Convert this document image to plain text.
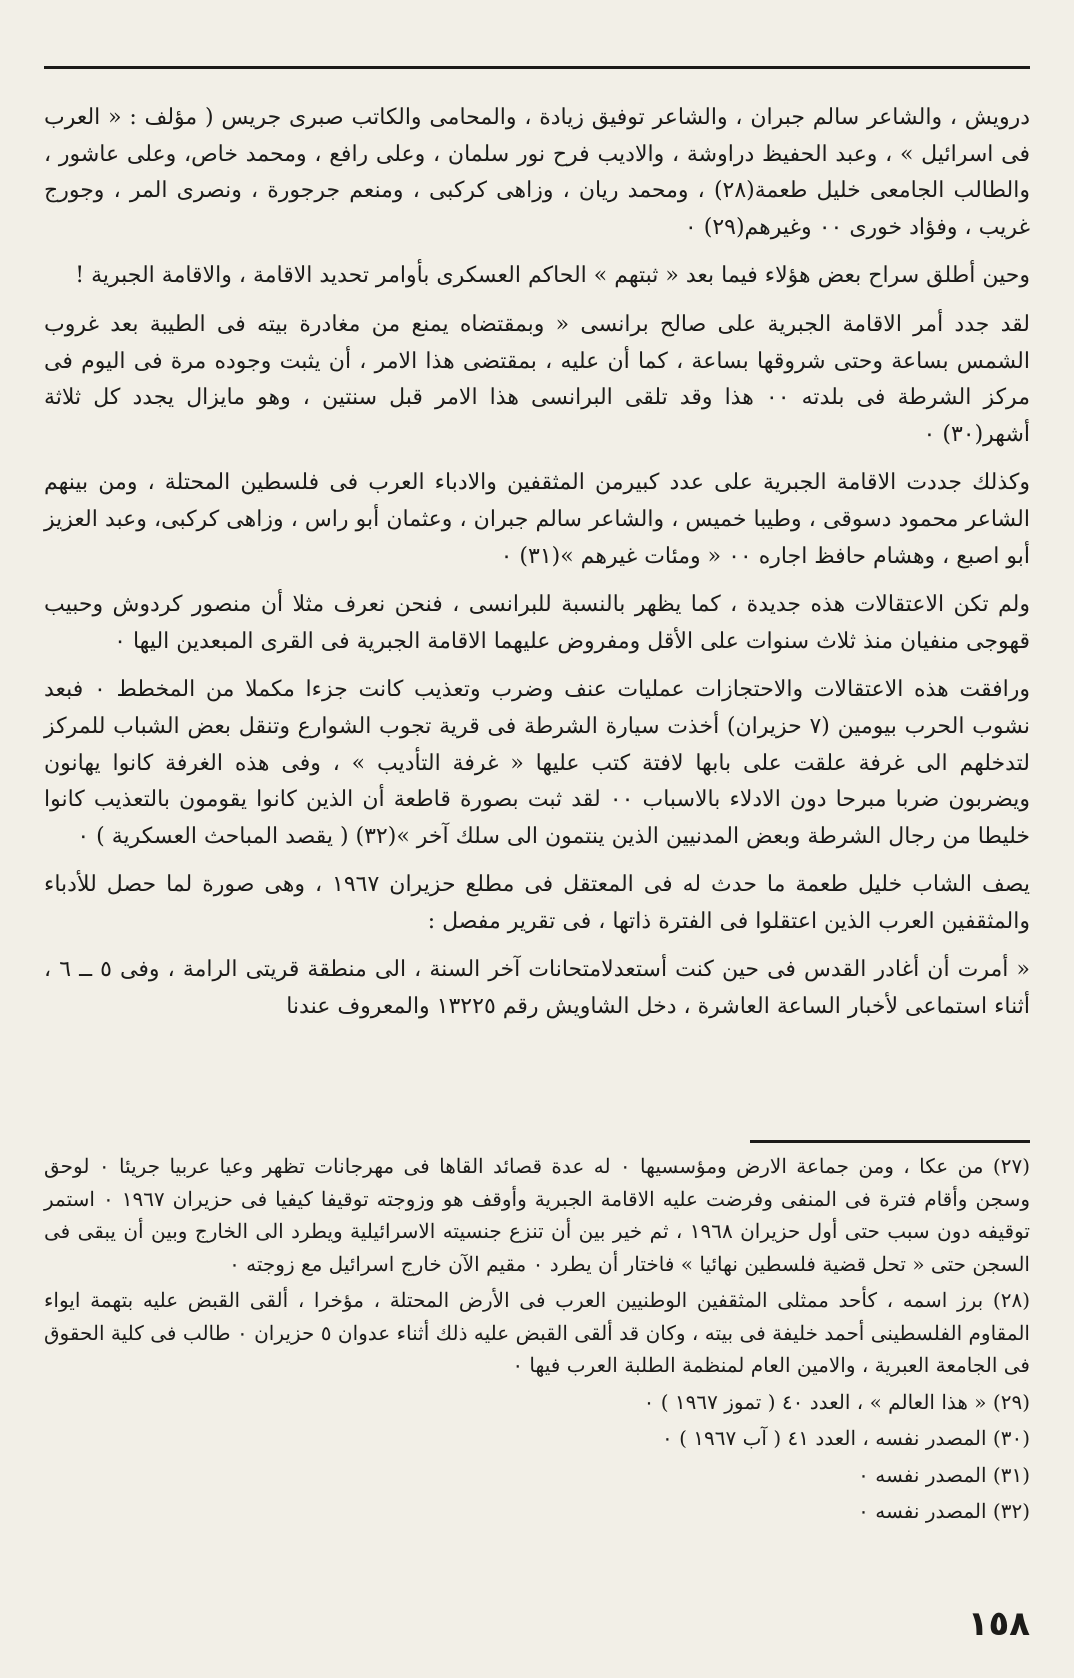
درويش ، والشاعر سالم جبران ، والشاعر توفيق زيادة ، والمحامى والكاتب صبرى جريس ( مؤلف : « العرب فى اسرائيل » ، وعبد الحفيظ دراوشة ، والاديب فرح نور سلمان ، وعلى رافع ، ومحمد خاص، وعلى عاشور ، والطالب الجامعى خليل طعمة(٢٨) ، ومحمد ريان ، وزاهى كركبى ، ومنعم جرجورة ، ونصرى المر ، وجورج غريب ، وفؤاد خورى ٠٠ وغيرهم(٢٩) ٠

وحين أطلق سراح بعض هؤلاء فيما بعد « ثبتهم » الحاكم العسكرى بأوامر تحديد الاقامة ، والاقامة الجبرية !

لقد جدد أمر الاقامة الجبرية على صالح برانسى « وبمقتضاه يمنع من مغادرة بيته فى الطيبة بعد غروب الشمس بساعة وحتى شروقها بساعة ، كما أن عليه ، بمقتضى هذا الامر ، أن يثبت وجوده مرة فى اليوم فى مركز الشرطة فى بلدته ٠٠ هذا وقد تلقى البرانسى هذا الامر قبل سنتين ، وهو مايزال يجدد كل ثلاثة أشهر(٣٠) ٠

وكذلك جددت الاقامة الجبرية على عدد كبيرمن المثقفين والادباء العرب فى فلسطين المحتلة ، ومن بينهم الشاعر محمود دسوقى ، وطيبا خميس ، والشاعر سالم جبران ، وعثمان أبو راس ، وزاهى كركبى، وعبد العزيز أبو اصبع ، وهشام حافظ اجاره ٠٠ « ومئات غيرهم »(٣١) ٠

ولم تكن الاعتقالات هذه جديدة ، كما يظهر بالنسبة للبرانسى ، فنحن نعرف مثلا أن منصور كردوش وحبيب قهوجى منفيان منذ ثلاث سنوات على الأقل ومفروض عليهما الاقامة الجبرية فى القرى المبعدين اليها ٠

ورافقت هذه الاعتقالات والاحتجازات عمليات عنف وضرب وتعذيب كانت جزءا مكملا من المخطط ٠ فبعد نشوب الحرب بيومين (٧ حزيران) أخذت سيارة الشرطة فى قرية تجوب الشوارع وتنقل بعض الشباب للمركز لتدخلهم الى غرفة علقت على بابها لافتة كتب عليها « غرفة التأديب » ، وفى هذه الغرفة كانوا يهانون ويضربون ضربا مبرحا دون الادلاء بالاسباب ٠٠ لقد ثبت بصورة قاطعة أن الذين كانوا يقومون بالتعذيب كانوا خليطا من رجال الشرطة وبعض المدنيين الذين ينتمون الى سلك آخر »(٣٢) ( يقصد المباحث العسكرية ) ٠

يصف الشاب خليل طعمة ما حدث له فى المعتقل فى مطلع حزيران ١٩٦٧ ، وهى صورة لما حصل للأدباء والمثقفين العرب الذين اعتقلوا فى الفترة ذاتها ، فى تقرير مفصل :

« أمرت أن أغادر القدس فى حين كنت أستعدلامتحانات آخر السنة ، الى منطقة قريتى الرامة ، وفى ٥ ــ ٦ ، أثناء استماعى لأخبار الساعة العاشرة ، دخل الشاويش رقم ١٣٢٢٥ والمعروف عندنا

(٢٧) من عكا ، ومن جماعة الارض ومؤسسيها ٠ له عدة قصائد القاها فى مهرجانات تظهر وعيا عربيا جريئا ٠ لوحق وسجن وأقام فترة فى المنفى وفرضت عليه الاقامة الجبرية وأوقف هو وزوجته توقيفا كيفيا فى حزيران ١٩٦٧ ٠ استمر توقيفه دون سبب حتى أول حزيران ١٩٦٨ ، ثم خير بين أن تنزع جنسيته الاسرائيلية ويطرد الى الخارج وبين أن يبقى فى السجن حتى « تحل قضية فلسطين نهائيا » فاختار أن يطرد ٠ مقيم الآن خارج اسرائيل مع زوجته ٠

(٢٨) برز اسمه ، كأحد ممثلى المثقفين الوطنيين العرب فى الأرض المحتلة ، مؤخرا ، ألقى القبض عليه بتهمة ايواء المقاوم الفلسطينى أحمد خليفة فى بيته ، وكان قد ألقى القبض عليه ذلك أثناء عدوان ٥ حزيران ٠ طالب فى كلية الحقوق فى الجامعة العبرية ، والامين العام لمنظمة الطلبة العرب فيها ٠

(٢٩) « هذا العالم » ، العدد ٤٠ ( تموز ١٩٦٧ ) ٠

(٣٠) المصدر نفسه ، العدد ٤١ ( آب ١٩٦٧ ) ٠

(٣١) المصدر نفسه ٠

(٣٢) المصدر نفسه ٠

١٥٨
